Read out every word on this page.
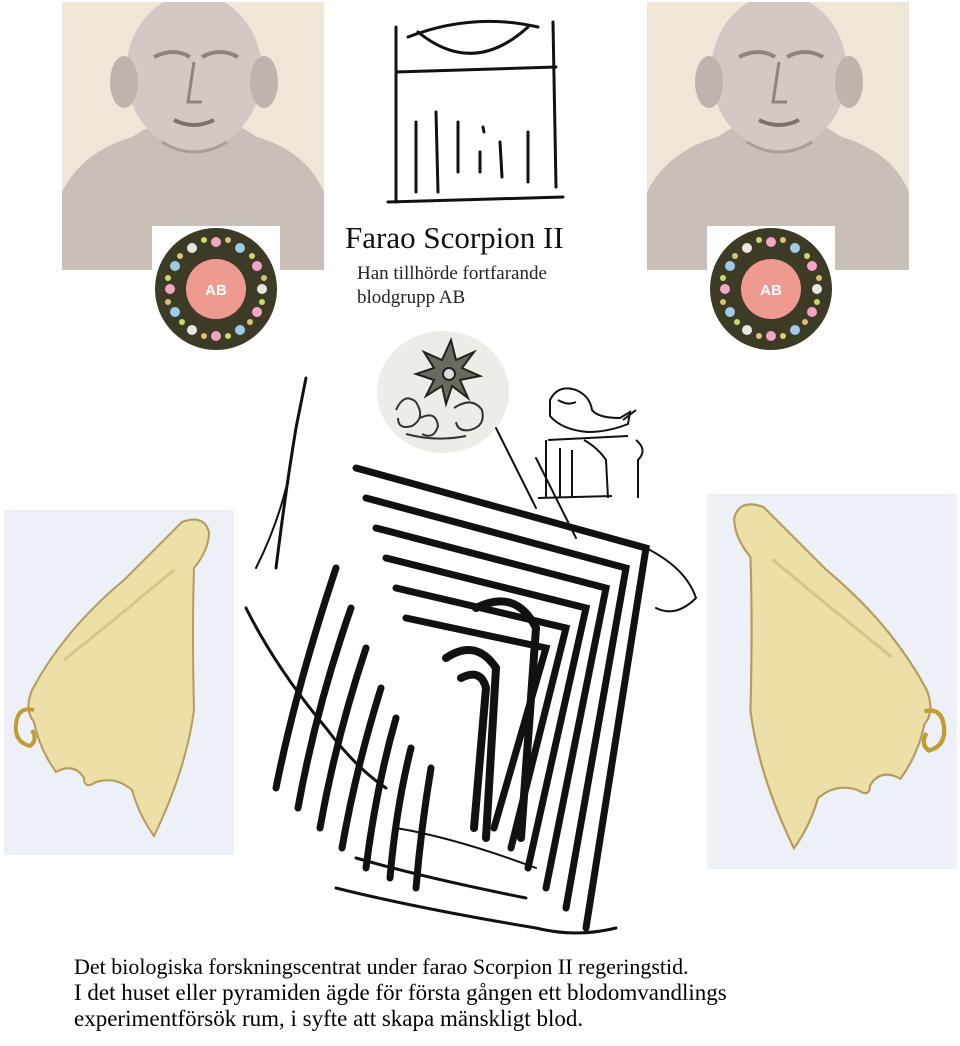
Farao Scorpion II
Han tillhörde fortfarande
blodgrupp AB
AB	AB
Det biologiska forskningscentrat under farao Scorpion II regeringstid.
I det huset eller pyramiden ägde för första gången ett blodomvandlings
experimentförsök rum, i syfte att skapa mänskligt blod.
